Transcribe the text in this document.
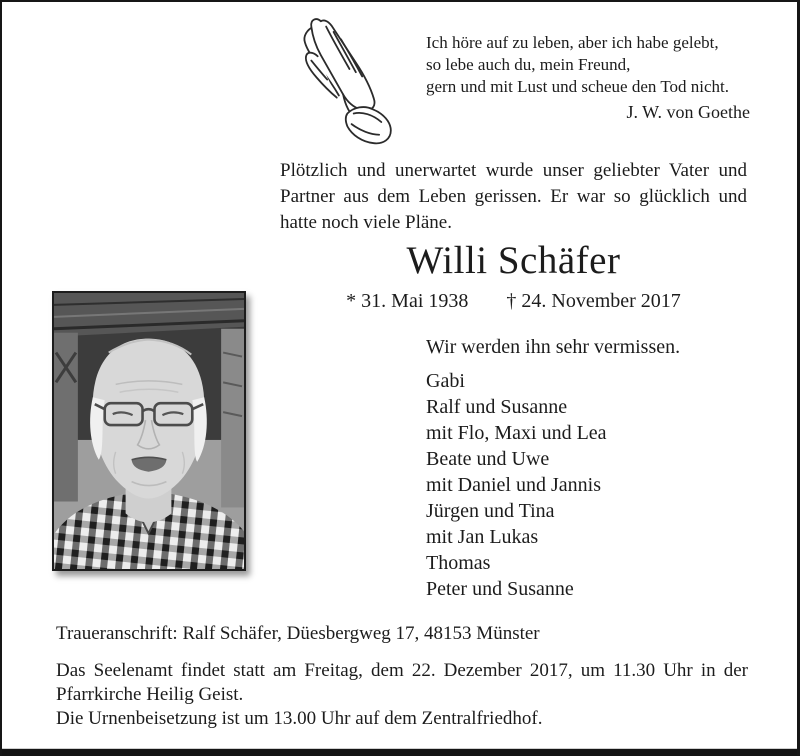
Ich höre auf zu leben, aber ich habe gelebt,
so lebe auch du, mein Freund,
gern und mit Lust und scheue den Tod nicht.
J. W. von Goethe
Plötzlich und unerwartet wurde unser geliebter Vater und Partner aus dem Leben gerissen. Er war so glücklich und hatte noch viele Pläne.
Willi Schäfer
* 31. Mai 1938 † 24. November 2017
Wir werden ihn sehr vermissen.
Gabi
Ralf und Susanne
mit Flo, Maxi und Lea
Beate und Uwe
mit Daniel und Jannis
Jürgen und Tina
mit Jan Lukas
Thomas
Peter und Susanne
Traueranschrift: Ralf Schäfer, Düesbergweg 17, 48153 Münster
Das Seelenamt findet statt am Freitag, dem 22. Dezember 2017, um 11.30 Uhr in der Pfarrkirche Heilig Geist.
Die Urnenbeisetzung ist um 13.00 Uhr auf dem Zentralfriedhof.
